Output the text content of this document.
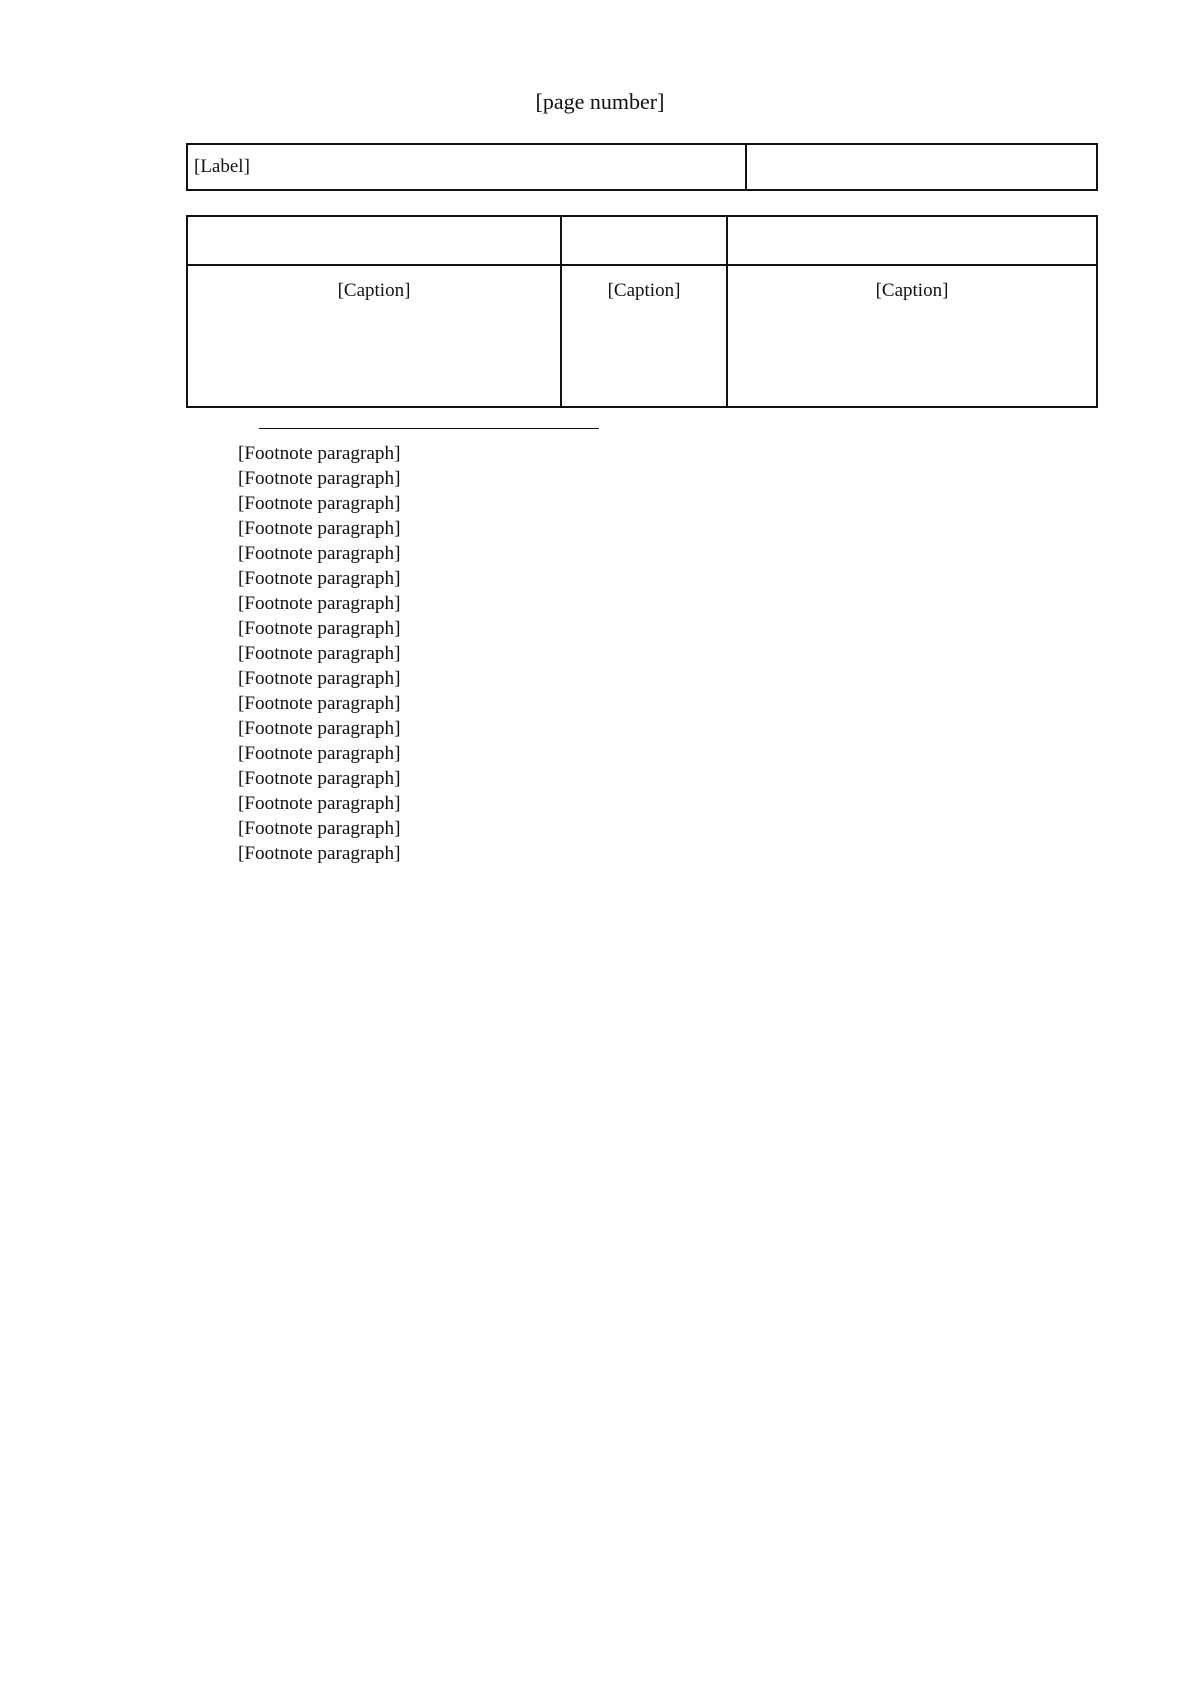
[page number]
[Label]	

[Caption]	[Caption]	[Caption]

[Footnote paragraph]

[Footnote paragraph]

[Footnote paragraph]

[Footnote paragraph]

[Footnote paragraph]

[Footnote paragraph]

[Footnote paragraph]

[Footnote paragraph]

[Footnote paragraph]

[Footnote paragraph]

[Footnote paragraph]

[Footnote paragraph]

[Footnote paragraph]

[Footnote paragraph]

[Footnote paragraph]

[Footnote paragraph]

[Footnote paragraph]
